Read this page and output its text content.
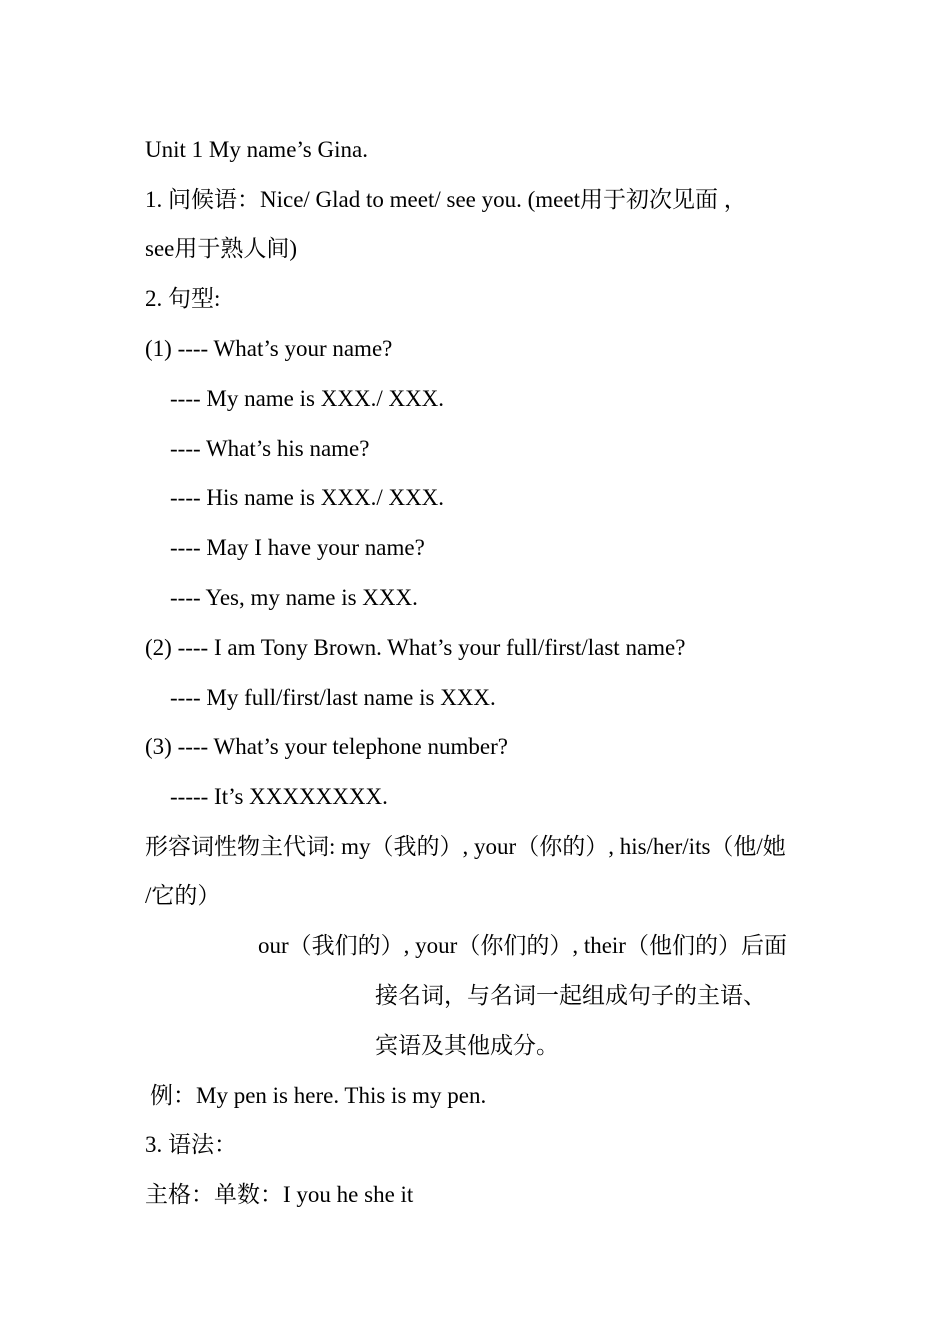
Unit 1 My name’s Gina.
1. 问候语：Nice/ Glad to meet/ see you. (meet用于初次见面 ，
see用于熟人间)
2. 句型:
(1) ---- What’s your name?
---- My name is XXX./ XXX.
---- What’s his name?
---- His name is XXX./ XXX.
---- May I have your name?
---- Yes, my name is XXX.
(2) ---- I am Tony Brown. What’s your full/first/last name?
---- My full/first/last name is XXX.
(3) ---- What’s your telephone number?
----- It’s XXXXXXXX.
形容词性物主代词: my（我的）, your（你的）, his/her/its（他/她
/它的）
our（我们的）, your（你们的）, their（他们的）后面
接名词，与名词一起组成句子的主语、
宾语及其他成分。
例：My pen is here. This is my pen.
3. 语法：
主格：单数：I you he she it
